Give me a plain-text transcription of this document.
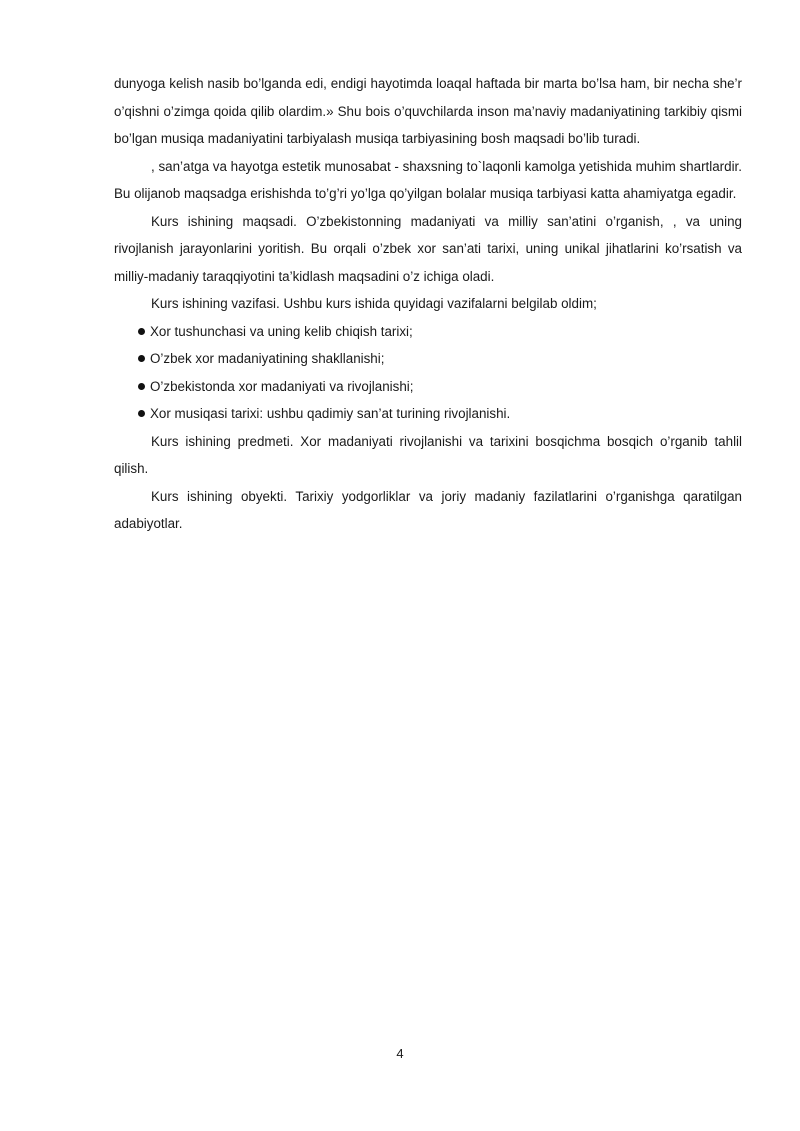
dunyoga kelish nasib bo’lganda edi, endigi hayotimda loaqal haftada bir marta bo’lsa ham, bir necha she’r o’qishni o’zimga qoida qilib olardim.» Shu bois o’quvchilarda inson ma’naviy madaniyatining tarkibiy qismi bo’lgan musiqa madaniyatini tarbiyalash musiqa tarbiyasining bosh maqsadi bo’lib turadi.

, san’atga va hayotga estetik munosabat - shaxsning to`laqonli kamolga yetishida muhim shartlardir. Bu olijanob maqsadga erishishda to’g’ri yo’lga qo’yilgan bolalar musiqa tarbiyasi katta ahamiyatga egadir.

Kurs ishining maqsadi. O’zbekistonning madaniyati va milliy san’atini o’rganish, , va uning rivojlanish jarayonlarini yoritish. Bu orqali o’zbek xor san’ati tarixi, uning unikal jihatlarini ko’rsatish va milliy-madaniy taraqqiyotini ta’kidlash maqsadini o’z ichiga oladi.

Kurs ishining vazifasi. Ushbu kurs ishida quyidagi vazifalarni belgilab oldim;

Xor tushunchasi va uning kelib chiqish tarixi;
O’zbek xor madaniyatining shakllanishi;
O’zbekistonda xor madaniyati va rivojlanishi;
Xor musiqasi tarixi: ushbu qadimiy san’at turining rivojlanishi.

Kurs ishining predmeti. Xor madaniyati rivojlanishi va tarixini bosqichma bosqich o’rganib tahlil qilish.

Kurs ishining obyekti. Tarixiy yodgorliklar va joriy madaniy fazilatlarini o’rganishga qaratilgan adabiyotlar.

4
